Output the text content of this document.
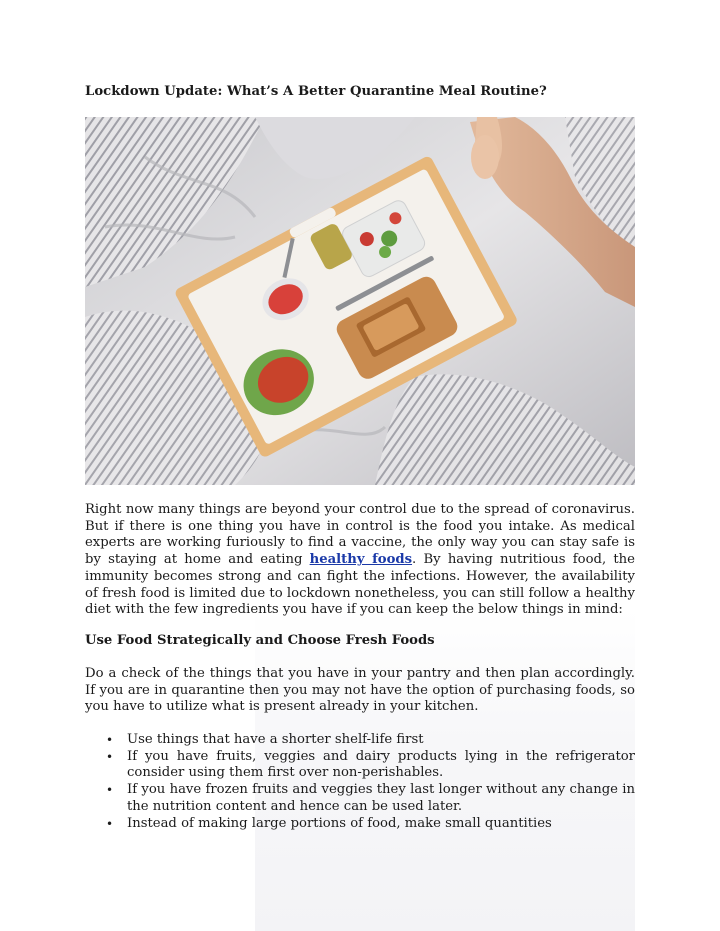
Lockdown Update: What’s A Better Quarantine Meal Routine?

Right now many things are beyond your control due to the spread of coronavirus. But if there is one thing you have in control is the food you intake. As medical experts are working furiously to find a vaccine, the only way you can stay safe is by staying at home and eating healthy foods. By having nutritious food, the immunity becomes strong and can fight the infections. However, the availability of fresh food is limited due to lockdown nonetheless, you can still follow a healthy diet with the few ingredients you have if you can keep the below things in mind:

Use Food Strategically and Choose Fresh Foods

Do a check of the things that you have in your pantry and then plan accordingly. If you are in quarantine then you may not have the option of purchasing foods, so you have to utilize what is present already in your kitchen.

• Use things that have a shorter shelf-life first
• If you have fruits, veggies and dairy products lying in the refrigerator consider using them first over non-perishables.
• If you have frozen fruits and veggies they last longer without any change in the nutrition content and hence can be used later.
• Instead of making large portions of food, make small quantities
